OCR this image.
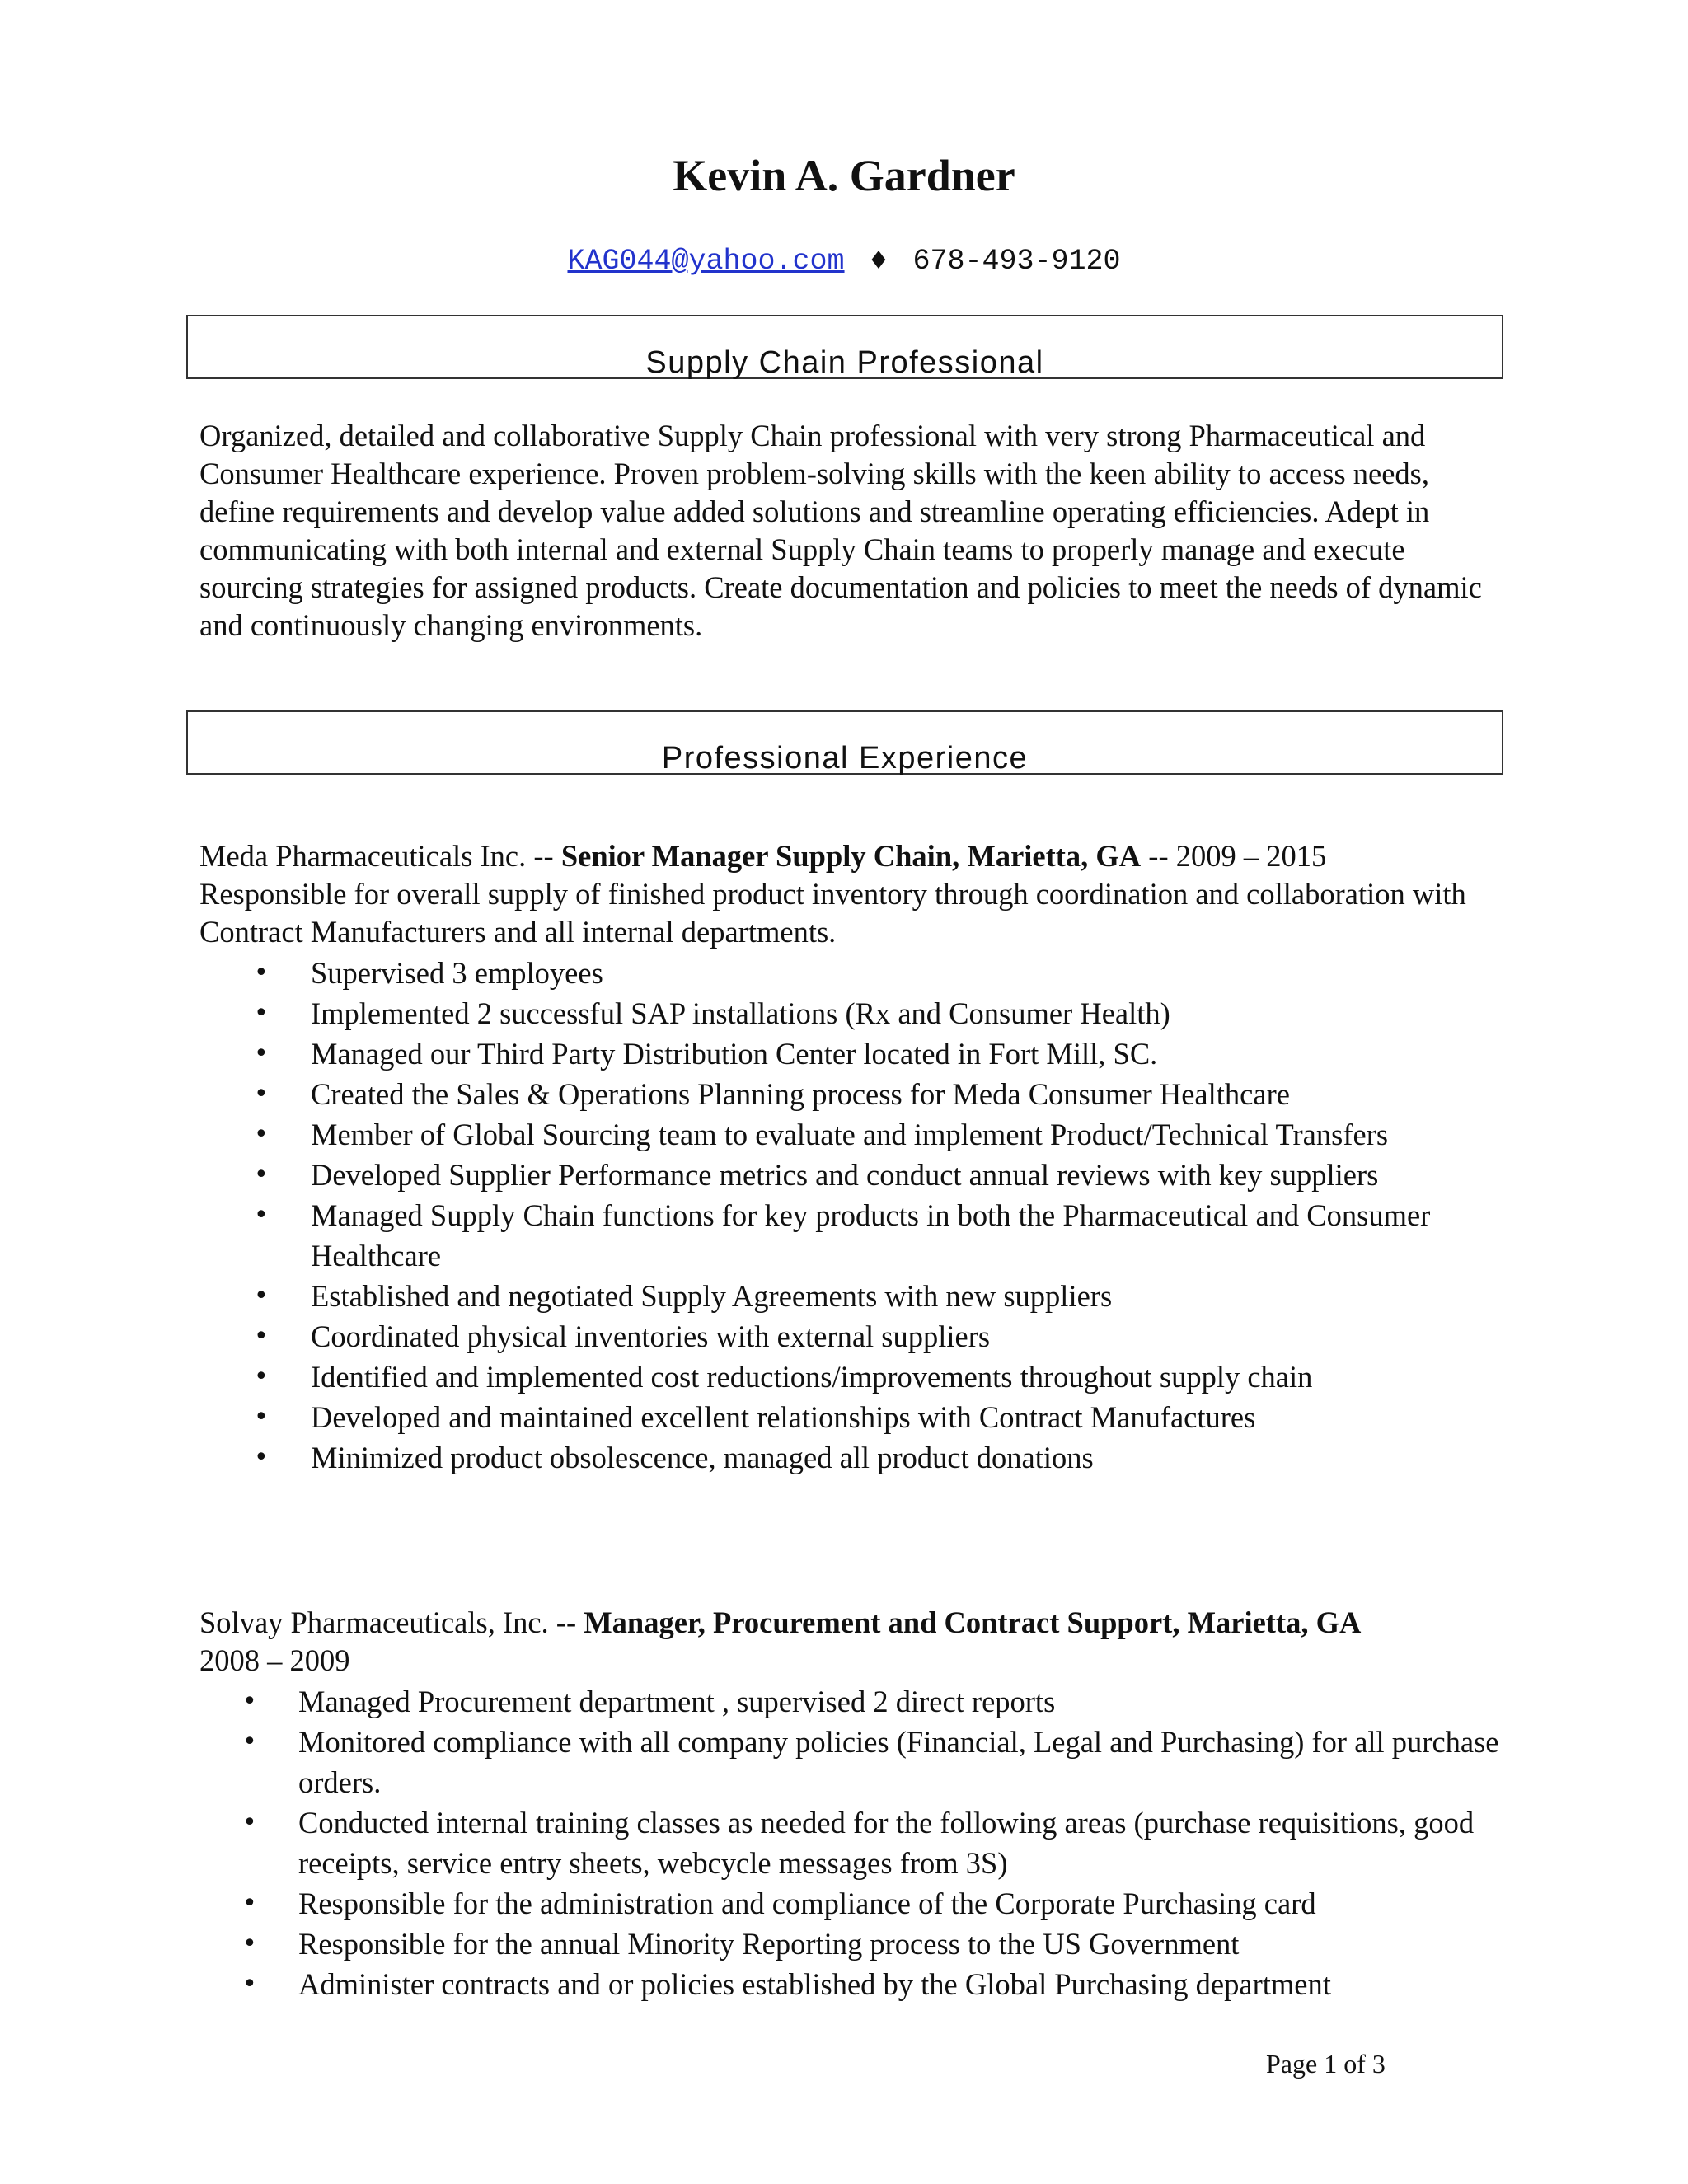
Kevin A. Gardner
KAG044@yahoo.com ♦ 678-493-9120
Supply Chain Professional

Organized, detailed and collaborative Supply Chain professional with very strong Pharmaceutical and Consumer Healthcare experience. Proven problem-solving skills with the keen ability to access needs, define requirements and develop value added solutions and streamline operating efficiencies. Adept in communicating with both internal and external Supply Chain teams to properly manage and execute sourcing strategies for assigned products. Create documentation and policies to meet the needs of dynamic and continuously changing environments.

Professional Experience

Meda Pharmaceuticals Inc. -- Senior Manager Supply Chain, Marietta, GA -- 2009 – 2015

Responsible for overall supply of finished product inventory through coordination and collaboration with Contract Manufacturers and all internal departments.

• Supervised 3 employees
• Implemented 2 successful SAP installations (Rx and Consumer Health)
• Managed our Third Party Distribution Center located in Fort Mill, SC.
• Created the Sales & Operations Planning process for Meda Consumer Healthcare
• Member of Global Sourcing team to evaluate and implement Product/Technical Transfers
• Developed Supplier Performance metrics and conduct annual reviews with key suppliers
• Managed Supply Chain functions for key products in both the Pharmaceutical and Consumer Healthcare
• Established and negotiated Supply Agreements with new suppliers
• Coordinated physical inventories with external suppliers
• Identified and implemented cost reductions/improvements throughout supply chain
• Developed and maintained excellent relationships with Contract Manufactures
• Minimized product obsolescence, managed all product donations

Solvay Pharmaceuticals, Inc. -- Manager, Procurement and Contract Support, Marietta, GA

2008 – 2009

• Managed Procurement department , supervised 2 direct reports
• Monitored compliance with all company policies (Financial, Legal and Purchasing) for all purchase orders.
• Conducted internal training classes as needed for the following areas (purchase requisitions, good receipts, service entry sheets, webcycle messages from 3S)
• Responsible for the administration and compliance of the Corporate Purchasing card
• Responsible for the annual Minority Reporting process to the US Government
• Administer contracts and or policies established by the Global Purchasing department
Page 1 of 3
